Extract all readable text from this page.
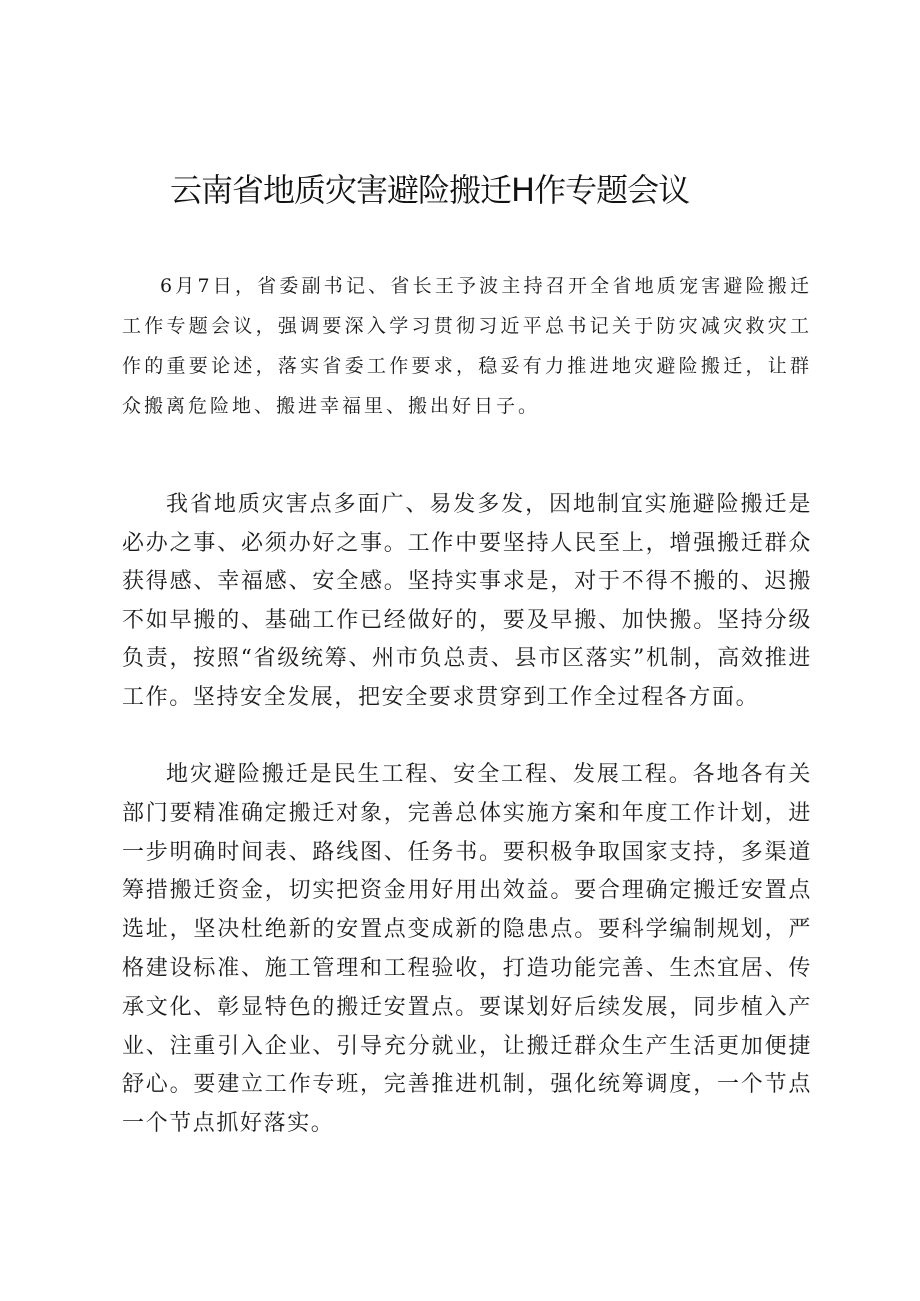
云南省地质灾害避险搬迁H作专题会议

6月7日，省委副书记、省长王予波主持召开全省地质宠害避险搬迁工作专题会议，强调要深入学习贯彻习近平总书记关于防灾减灾救灾工作的重要论述，落实省委工作要求，稳妥有力推进地灾避险搬迁，让群众搬离危险地、搬进幸福里、搬出好日子。

我省地质灾害点多面广、易发多发，因地制宜实施避险搬迁是必办之事、必须办好之事。工作中要坚持人民至上，增强搬迁群众获得感、幸福感、安全感。坚持实事求是，对于不得不搬的、迟搬不如早搬的、基础工作已经做好的，要及早搬、加快搬。坚持分级负责，按照“省级统筹、州市负总责、县市区落实”机制，高效推进工作。坚持安全发展，把安全要求贯穿到工作全过程各方面。

地灾避险搬迁是民生工程、安全工程、发展工程。各地各有关部门要精准确定搬迁对象，完善总体实施方案和年度工作计划，进一步明确时间表、路线图、任务书。要积极争取国家支持，多渠道筹措搬迁资金，切实把资金用好用出效益。要合理确定搬迁安置点选址，坚决杜绝新的安置点变成新的隐患点。要科学编制规划，严格建设标准、施工管理和工程验收，打造功能完善、生杰宜居、传承文化、彰显特色的搬迁安置点。要谋划好后续发展，同步植入产业、注重引入企业、引导充分就业，让搬迁群众生产生活更加便捷舒心。要建立工作专班，完善推进机制，强化统筹调度，一个节点一个节点抓好落实。
